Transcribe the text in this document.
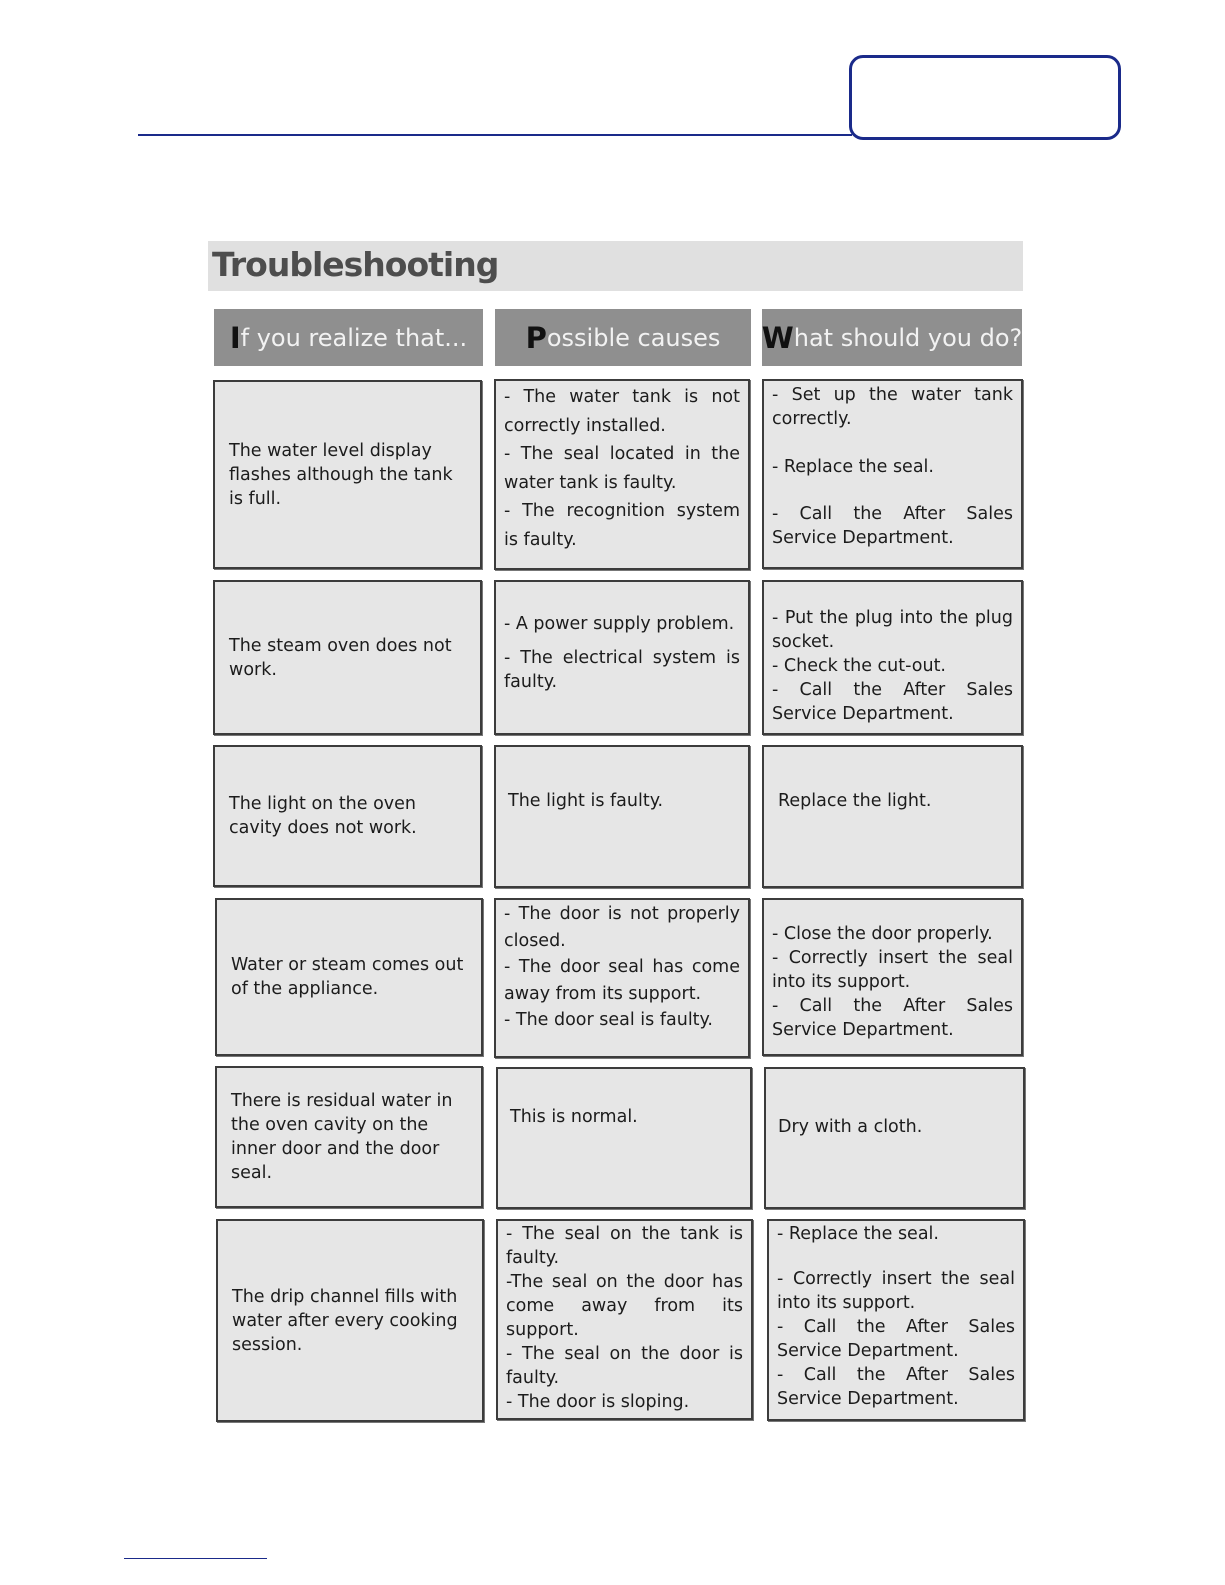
Troubleshooting
I f you realize that... P ossible causes W hat should you do?
The water level display flashes although the tank is full.
- The water tank is not correctly installed.
- The seal located in the water tank is faulty.
- The recognition system is faulty.
- Set up the water tank correctly.
- Replace the seal.
- Call the After Sales Service Department.
The steam oven does not work.
- A power supply problem.
- The electrical system is faulty.
- Put the plug into the plug socket.
- Check the cut-out.
- Call the After Sales Service Department.
The light on the oven cavity does not work.
The light is faulty.	Replace the light.
Water or steam comes out of the appliance.
- The door is not properly closed.
- The door seal has come away from its support.
- The door seal is faulty.
- Close the door properly.
- Correctly insert the seal into its support.
- Call the After Sales Service Department.
There is residual water in the oven cavity on the inner door and the door seal.
This is normal.	Dry with a cloth.
The drip channel fills with water after every cooking session.
- The seal on the tank is faulty.
-The seal on the door has come away from its support.
- The seal on the door is faulty.
- The door is sloping.
- Replace the seal.
- Correctly insert the seal into its support.
- Call the After Sales Service Department.
- Call the After Sales Service Department.
